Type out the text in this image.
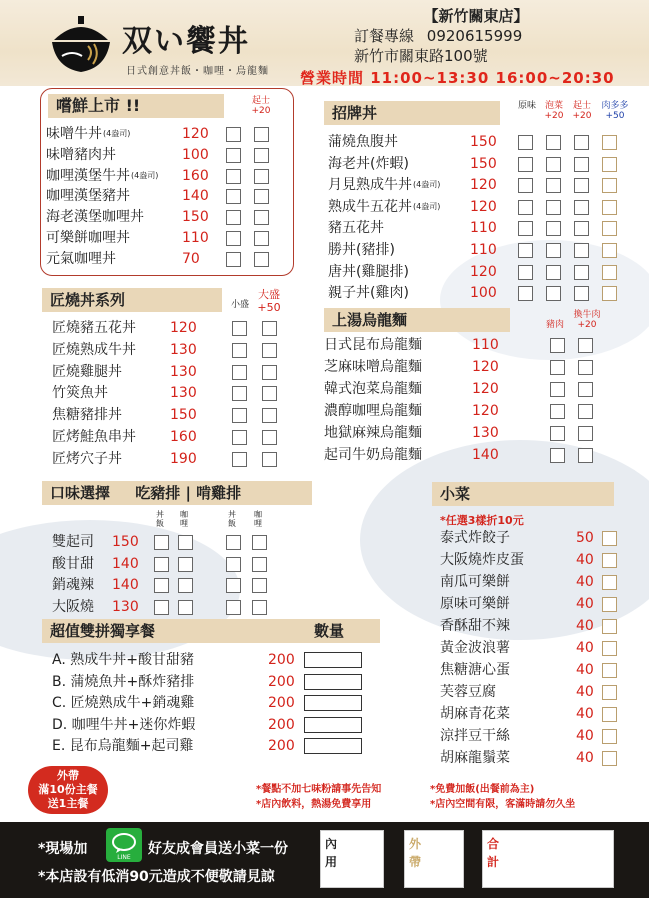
双い饗丼
日式創意丼飯・咖哩・烏龍麵
【新竹關東店】
訂餐專線 0920615999
新竹市關東路100號
營業時間 11:00~13:30 16:00~20:30
嚐鮮上市 !!	起士
+20
味噌牛丼 (4盎司)	120
味噌豬肉丼	100
咖哩漢堡牛丼 (4盎司) 160
咖哩漢堡豬丼	140
海老漢堡咖哩丼	150
可樂餅咖哩丼	110
元氣咖哩丼	70
招牌丼	原味 泡菜
+20
起士
+20
肉多多
+50
蒲燒魚腹丼	150
海老丼(炸蝦)	150
月見熟成牛丼 (4盎司) 120
熟成牛五花丼 (4盎司) 120
豬五花丼	110
勝丼(豬排)	110
唐丼(雞腿排)	120
親子丼(雞肉)	100
匠燒丼系列	小盛
大盛
+50
匠燒豬五花丼 120
匠燒熟成牛丼 130
匠燒雞腿丼	130
竹筴魚丼	130
焦糖豬排丼	150
匠烤鮭魚串丼 160
匠烤穴子丼	190
上湯烏龍麵	豬肉
換牛肉
+20
日式昆布烏龍麵	110
芝麻味噌烏龍麵	120
韓式泡菜烏龍麵	120
濃醇咖哩烏龍麵	120
地獄麻辣烏龍麵	130
起司牛奶烏龍麵	140
口味選擇 吃豬排 | 啃雞排
丼飯
咖哩
丼飯
咖哩
雙起司 150
酸甘甜 140
銷魂辣 140
大阪燒 130
超值雙拼獨享餐	數量
A. 熟成牛丼+酸甘甜豬	200
B. 蒲燒魚丼+酥炸豬排	200
C. 匠燒熟成牛+銷魂雞	200
D. 咖哩牛丼+迷你炸蝦	200
E. 昆布烏龍麵+起司雞	200
小菜
*任選3樣折10元
泰式炸餃子	50
大阪燒炸皮蛋	40
南瓜可樂餅	40
原味可樂餅	40
香酥甜不辣	40
黃金波浪薯	40
焦糖溏心蛋	40
芙蓉豆腐	40
胡麻青花菜	40
涼拌豆干絲	40
胡麻龍鬚菜	40
*餐點不加七味粉請事先告知	*免費加飯(出餐前為主)
*店內飲料，熱湯免費享用	*店內空間有限，客滿時請勿久坐
外帶
滿10份主餐
送1主餐
*現場加
LINE
好友成會員送小菜一份
*本店設有低消90元造成不便敬請見諒
內
用
外
帶
合
計
